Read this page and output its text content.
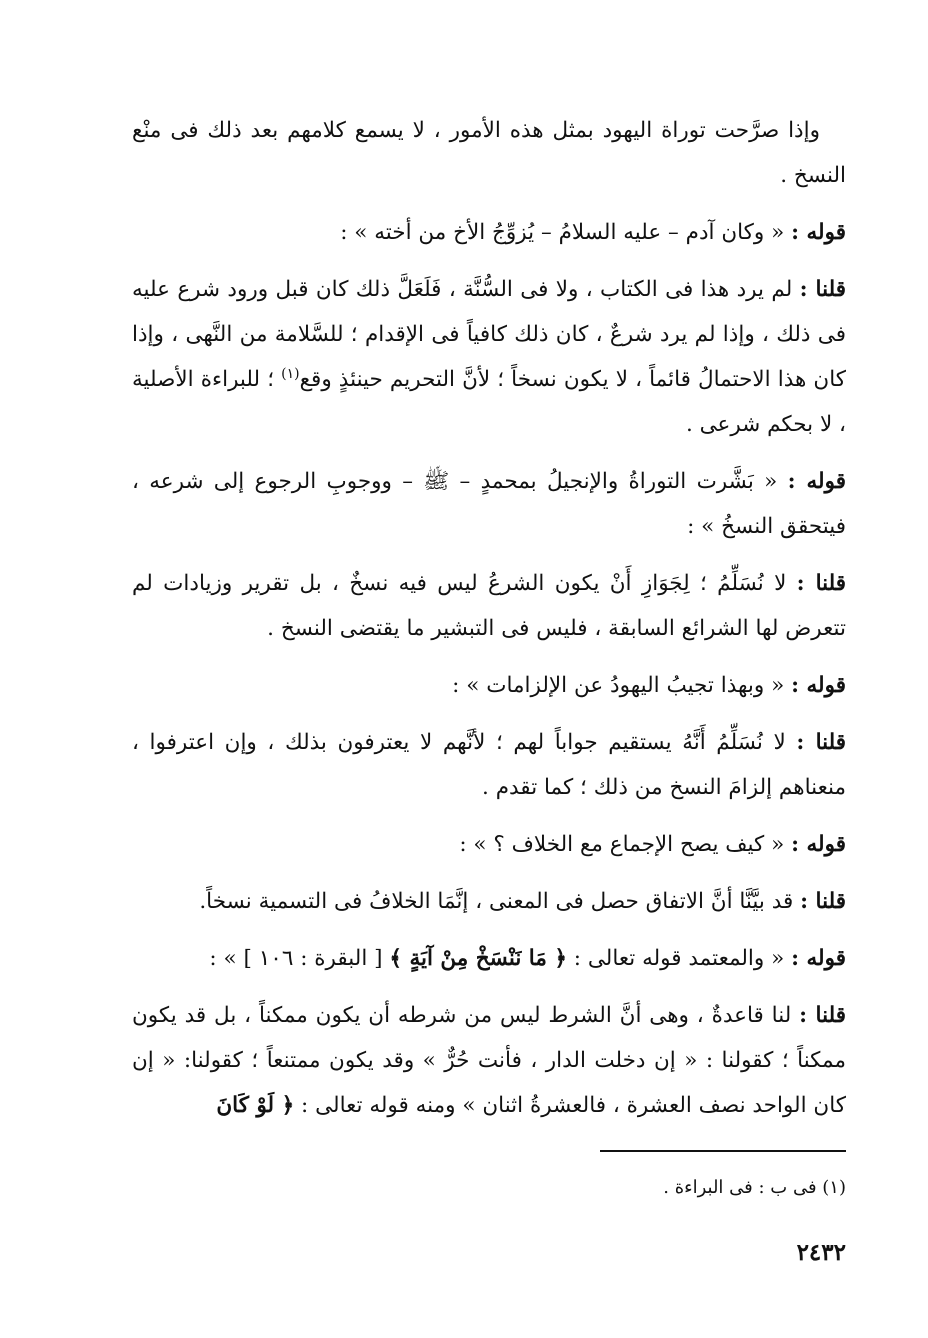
وإذا صرَّحت توراة اليهود بمثل هذه الأمور ، لا يسمع كلامهم بعد ذلك فى منْع النسخ .

قوله : « وكان آدم – عليه السلامُ – يُزوِّجُ الأخ من أخته » :

قلنا : لم يرد هذا فى الكتاب ، ولا فى السُّنَّة ، فَلَعَلَّ ذلك كان قبل ورود شرع عليه فى ذلك ، وإذا لم يرد شرعٌ ، كان ذلك كافياً فى الإقدام ؛ للسَّلامة من النَّهى ، وإذا كان هذا الاحتمالُ قائماً ، لا يكون نسخاً ؛ لأنَّ التحريم حينئذٍ وقع$^{(١)}$ ؛ للبراءة الأصلية ، لا بحكم شرعى .

قوله : « بَشَّرت التوراةُ والإنجيلُ بمحمدٍ – ﷺ – ووجوبِ الرجوع إلى شرعه ، فيتحقق النسخُ » :

قلنا : لا نُسَلِّمُ ؛ لِجَوَازِ أَنْ يكون الشرعُ ليس فيه نسخٌ ، بل تقرير وزيادات لم تتعرض لها الشرائع السابقة ، فليس فى التبشير ما يقتضى النسخ .

قوله : « وبهذا تجيبُ اليهودُ عن الإلزامات » :

قلنا : لا نُسَلِّمُ أَنَّهُ يستقيم جواباً لهم ؛ لأنَّهم لا يعترفون بذلك ، وإن اعترفوا ، منعناهم إلزامَ النسخ من ذلك ؛ كما تقدم .

قوله : « كيف يصح الإجماع مع الخلاف ؟ » :

قلنا : قد بيَّنَّا أنَّ الاتفاق حصل فى المعنى ، إنَّمَا الخلافُ فى التسمية نسخاً.

قوله : « والمعتمد قوله تعالى : ﴿ مَا نَنْسَخْ مِنْ آيَةٍ ﴾ [ البقرة : ١٠٦ ] » :

قلنا : لنا قاعدةٌ ، وهى أنَّ الشرط ليس من شرطه أن يكون ممكناً ، بل قد يكون ممكناً ؛ كقولنا : « إن دخلت الدار ، فأنت حُرٌّ » وقد يكون ممتنعاً ؛ كقولنا: « إن كان الواحد نصف العشرة ، فالعشرةُ اثنان » ومنه قوله تعالى : ﴿ لَوْ كَانَ

(١) فى ب : فى البراءة .
٢٤٣٢
